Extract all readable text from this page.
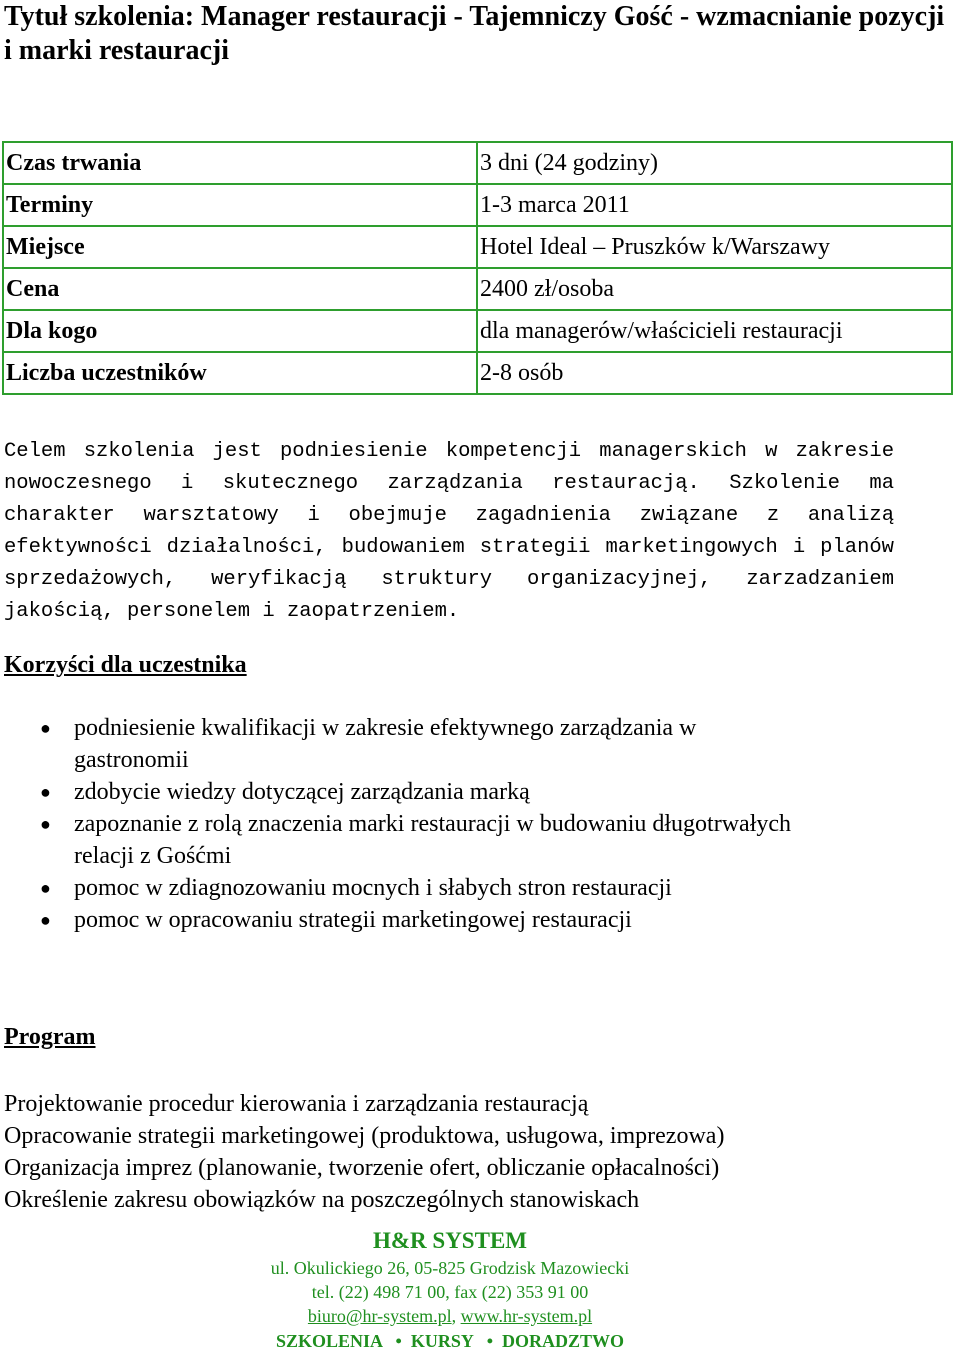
Tytuł szkolenia: Manager restauracji - Tajemniczy Gość - wzmacnianie pozycji i marki restauracji
Czas trwania	3 dni (24 godziny)
Terminy	1-3 marca 2011
Miejsce	Hotel Ideal – Pruszków k/Warszawy
Cena	2400 zł/osoba
Dla kogo	dla managerów/właścicieli restauracji
Liczba uczestników	2-8 osób

Celem szkolenia jest podniesienie kompetencji managerskich w zakresie nowoczesnego i skutecznego zarządzania restauracją. Szkolenie ma charakter warsztatowy i obejmuje zagadnienia związane z analizą efektywności działalności, budowaniem strategii marketingowych i planów sprzedażowych, weryfikacją struktury organizacyjnej, zarzadzaniem jakością, personelem i zaopatrzeniem.

Korzyści dla uczestnika
● podniesienie kwalifikacji w zakresie efektywnego zarządzania w gastronomii
● zdobycie wiedzy dotyczącej zarządzania marką
● zapoznanie z rolą znaczenia marki restauracji w budowaniu długotrwałych relacji z Gośćmi
● pomoc w zdiagnozowaniu mocnych i słabych stron restauracji
● pomoc w opracowaniu strategii marketingowej restauracji
Program
Projektowanie procedur kierowania i zarządzania restauracją
Opracowanie strategii marketingowej (produktowa, usługowa, imprezowa)
Organizacja imprez (planowanie, tworzenie ofert, obliczanie opłacalności)
Określenie zakresu obowiązków na poszczególnych stanowiskach
H&R SYSTEM
ul. Okulickiego 26, 05-825 Grodzisk Mazowiecki
tel. (22) 498 71 00, fax (22) 353 91 00
biuro@hr-system.pl, www.hr-system.pl
SZKOLENIA • KURSY • DORADZTWO
